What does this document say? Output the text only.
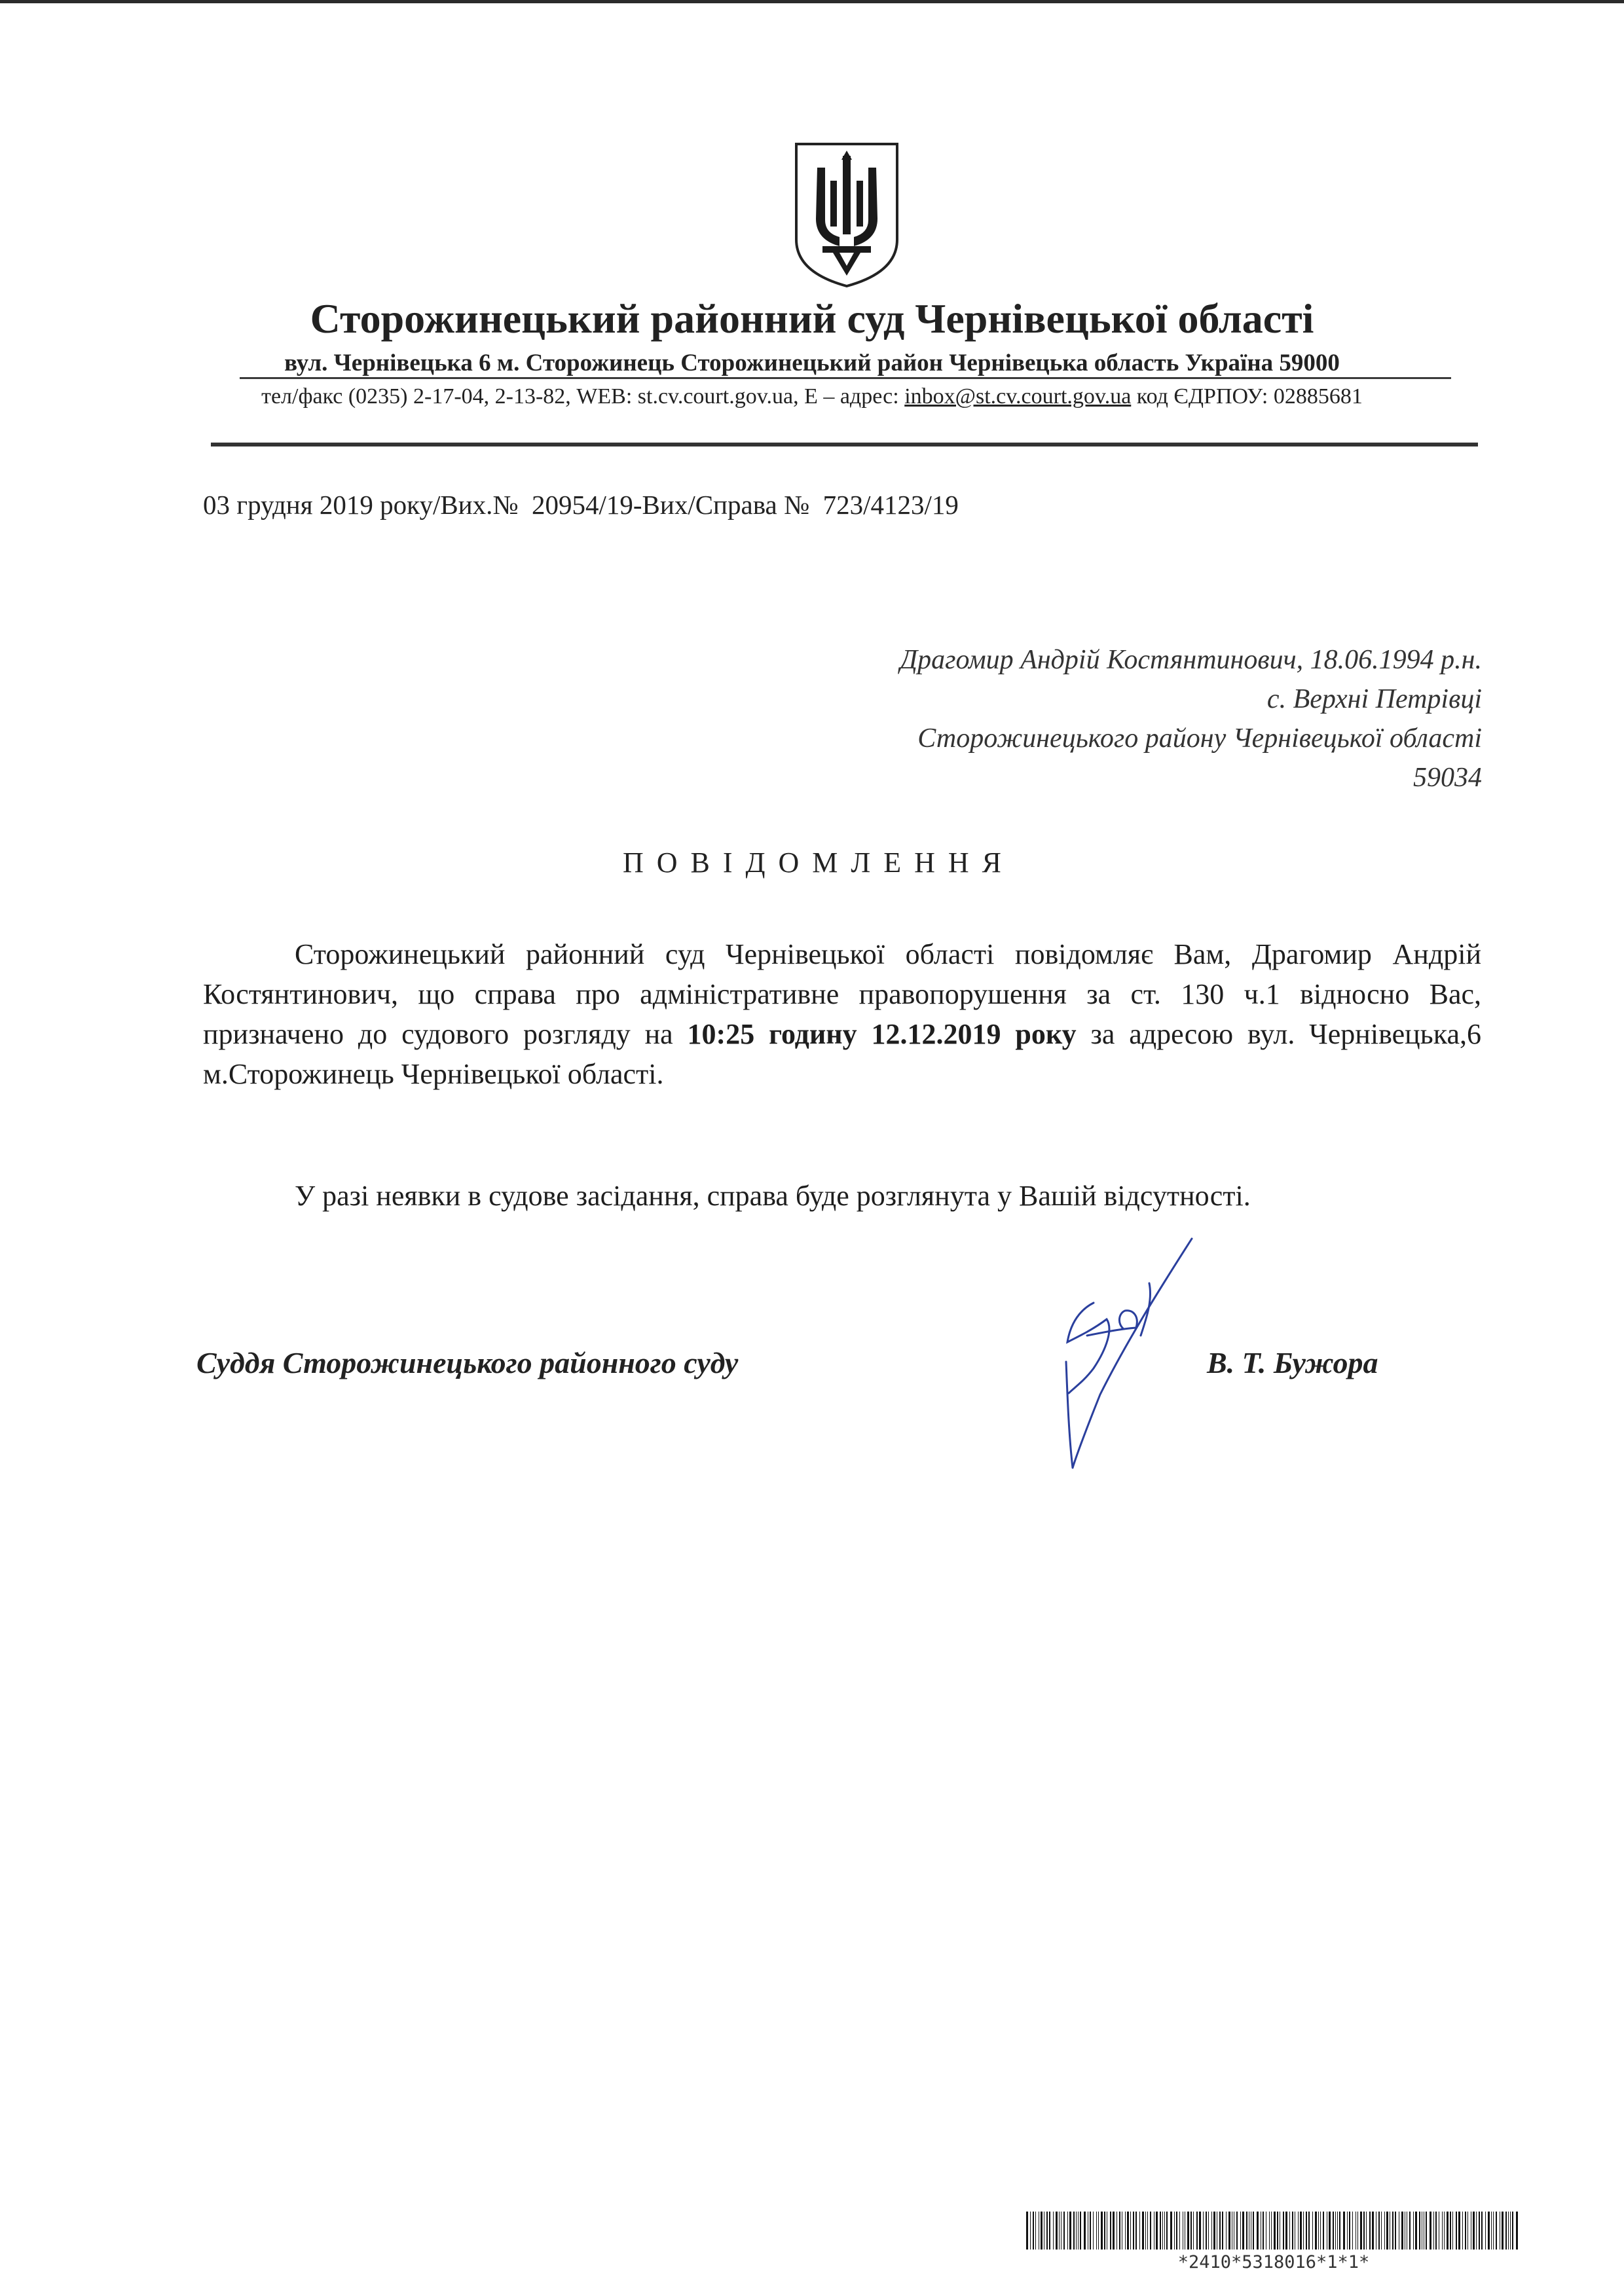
Сторожинецький районний суд Чернівецької області
вул. Чернівецька 6 м. Сторожинець Сторожинецький район Чернівецька область Україна 59000
тел/факс (0235) 2-17-04, 2-13-82, WEB: st.cv.court.gov.ua, Е – адрес: inbox@st.cv.court.gov.ua код ЄДРПОУ: 02885681
03 грудня 2019 року/Вих.№  20954/19-Вих/Справа №  723/4123/19
Драгомир Андрій Костянтинович, 18.06.1994 р.н.
с. Верхні Петрівці
Сторожинецького району Чернівецької області
59034
ПОВІДОМЛЕННЯ
Сторожинецький районний суд Чернівецької області повідомляє Вам, Драгомир Андрій Костянтинович, що справа про адміністративне правопорушення за ст. 130 ч.1 відносно Вас, призначено до судового розгляду на 10:25 годину 12.12.2019 року за адресою вул. Чернівецька,6 м.Сторожинець Чернівецької області.
У разі неявки в судове засідання, справа буде розглянута у Вашій відсутності.
Суддя Сторожинецького районного суду	В. Т. Бужора
*2410*5318016*1*1*
